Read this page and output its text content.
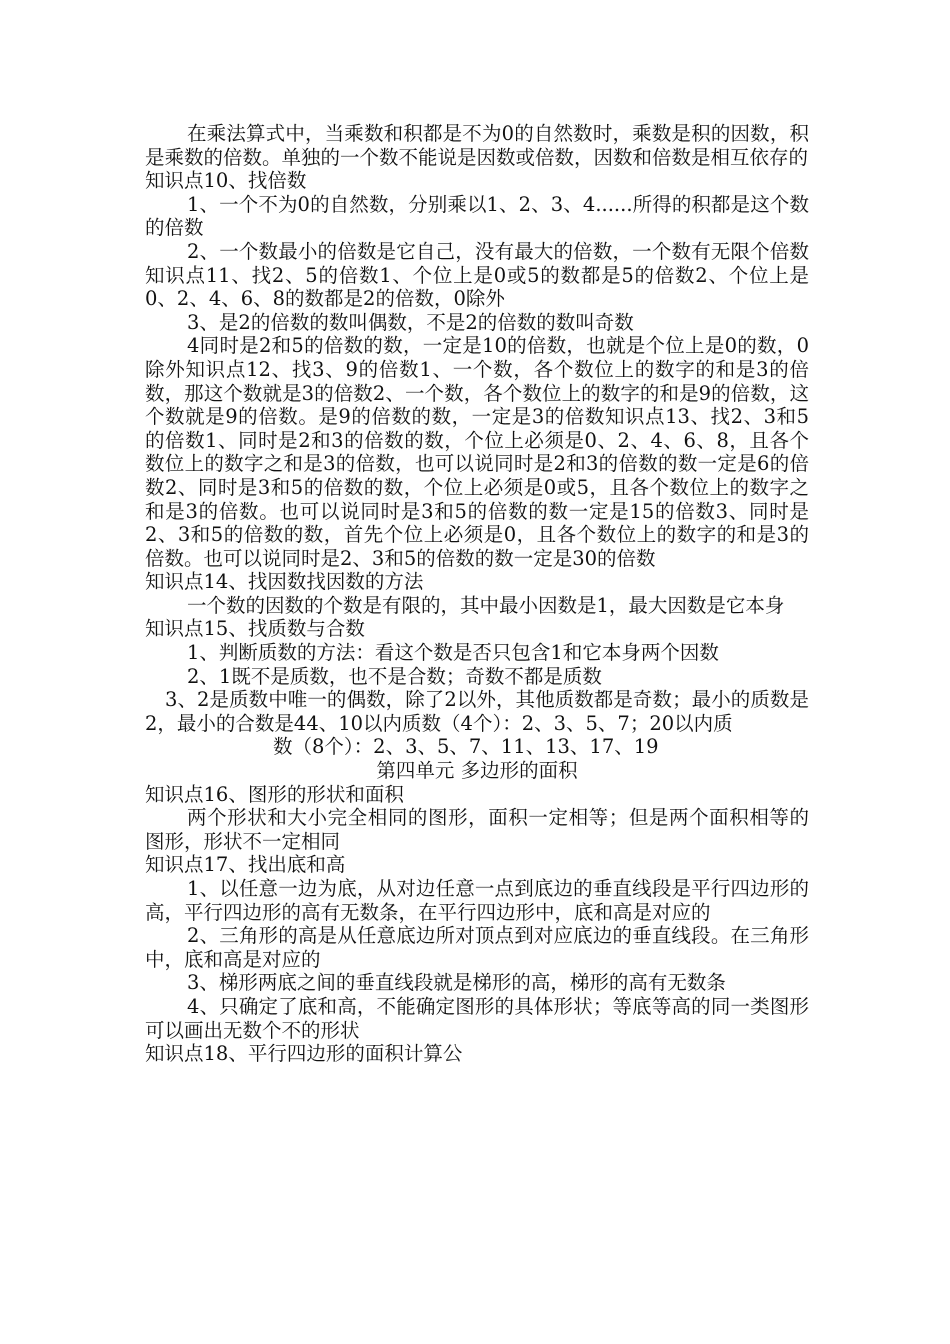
在乘法算式中，当乘数和积都是不为0的自然数时，乘数是积的因数，积是乘数的倍数。单独的一个数不能说是因数或倍数，因数和倍数是相互依存的

知识点10、找倍数

1、一个不为0的自然数，分别乘以1、2、3、4......所得的积都是这个数的倍数

2、一个数最小的倍数是它自己，没有最大的倍数，一个数有无限个倍数知识点11、找2、5的倍数1、个位上是0或5的数都是5的倍数2、个位上是0、2、4、6、8的数都是2的倍数，0除外

3、是2的倍数的数叫偶数，不是2的倍数的数叫奇数

4同时是2和5的倍数的数，一定是10的倍数，也就是个位上是0的数，0除外知识点12、找3、9的倍数1、一个数，各个数位上的数字的和是3的倍数，那这个数就是3的倍数2、一个数，各个数位上的数字的和是9的倍数，这个数就是9的倍数。是9的倍数的数，一定是3的倍数知识点13、找2、3和5的倍数1、同时是2和3的倍数的数，个位上必须是0、2、4、6、8，且各个数位上的数字之和是3的倍数，也可以说同时是2和3的倍数的数一定是6的倍数2、同时是3和5的倍数的数，个位上必须是0或5，且各个数位上的数字之和是3的倍数。也可以说同时是3和5的倍数的数一定是15的倍数3、同时是2、3和5的倍数的数，首先个位上必须是0，且各个数位上的数字的和是3的倍数。也可以说同时是2、3和5的倍数的数一定是30的倍数

知识点14、找因数找因数的方法

一个数的因数的个数是有限的，其中最小因数是1，最大因数是它本身

知识点15、找质数与合数

1、判断质数的方法：看这个数是否只包含1和它本身两个因数

2、1既不是质数，也不是合数；奇数不都是质数

3、2是质数中唯一的偶数，除了2以外，其他质数都是奇数；最小的质数是2，最小的合数是44、10以内质数（4个）：2、3、5、7；20以内质

数（8个）：2、3、5、7、11、13、17、19

第四单元 多边形的面积

知识点16、图形的形状和面积

两个形状和大小完全相同的图形，面积一定相等；但是两个面积相等的图形，形状不一定相同

知识点17、找出底和高

1、以任意一边为底，从对边任意一点到底边的垂直线段是平行四边形的高，平行四边形的高有无数条，在平行四边形中，底和高是对应的

2、三角形的高是从任意底边所对顶点到对应底边的垂直线段。在三角形中，底和高是对应的

3、梯形两底之间的垂直线段就是梯形的高，梯形的高有无数条

4、只确定了底和高，不能确定图形的具体形状；等底等高的同一类图形可以画出无数个不的形状

知识点18、平行四边形的面积计算公
